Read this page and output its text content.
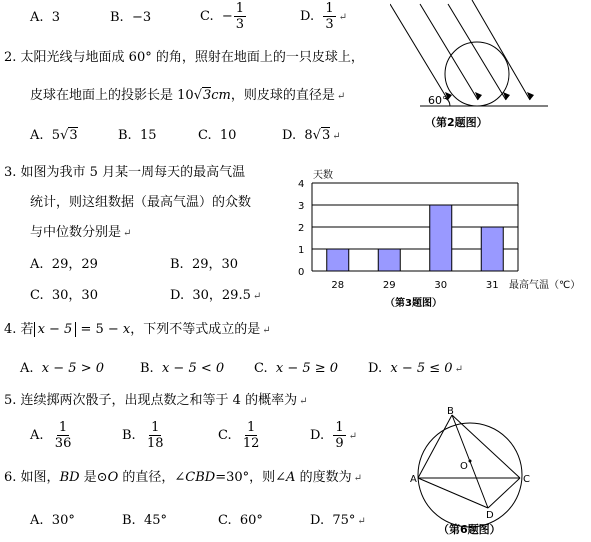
A. 3	B. −3	C. − $\frac{1}{3}$	D. $\frac{1}{3}$ ↵
2. 太阳光线与地面成 60° 的角，照射在地面上的一只皮球上，
皮球在地面上的投影长是 10√3cm，则皮球的直径是 ↵
A. 5√3	B. 15	C. 10	D. 8√3 ↵
60°
（第2题图）
3. 如图为我市 5 月某一周每天的最高气温
统计，则这组数据（最高气温）的众数
与中位数分别是 ↵
A. 29，29	B. 29，30
C. 30，30	D. 30，29.5 ↵
天数
0
1
2
3
4
28	29	30	31 最高气温（℃）
（第3题图）
4. 若 x − 5 = 5 − x，下列不等式成立的是 ↵
A. x − 5 > 0	B. x − 5 < 0 C. x − 5 ≥ 0 D. x − 5 ≤ 0 ↵
5. 连续掷两次骰子，出现点数之和等于 4 的概率为 ↵
A. $\frac{1}{36}$	B. $\frac{1}{18}$	C. $\frac{1}{12}$	D. $\frac{1}{9}$ ↵
6. 如图，BD 是⊙O 的直径，∠CBD=30°，则∠A 的度数为 ↵
A. 30°	B. 45°	C. 60°	D. 75° ↵
B
O
A	C
D
（第6题图）
